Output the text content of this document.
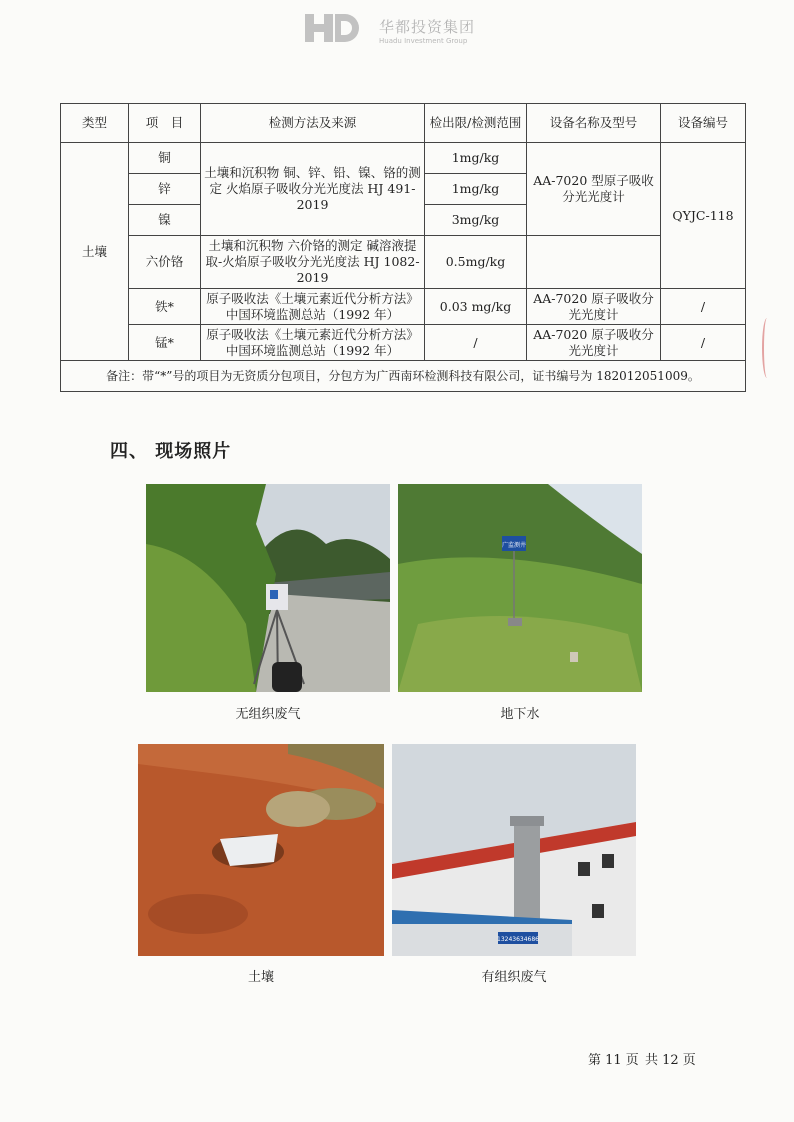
华都投资集团
Huadu Investment Group
类型	项　目	检测方法及来源	检出限/检测范围	设备名称及型号	设备编号
土壤	铜	土壤和沉积物 铜、锌、铅、镍、铬的测定 火焰原子吸收分光光度法 HJ 491-2019	1mg/kg	AA-7020 型原子吸收分光光度计	QYJC-118
	锌		1mg/kg		
	镍		3mg/kg		
	六价铬	土壤和沉积物 六价铬的测定 碱溶液提取-火焰原子吸收分光光度法 HJ 1082-2019	0.5mg/kg		
	铁*	原子吸收法《土壤元素近代分析方法》中国环境监测总站（1992 年）	0.03 mg/kg	AA-7020 原子吸收分光光度计	/
	锰*	原子吸收法《土壤元素近代分析方法》中国环境监测总站（1992 年）	/	AA-7020 原子吸收分光光度计	/
备注：带“*”号的项目为无资质分包项目，分包方为广西南环检测科技有限公司，证书编号为 182012051009。					
四、 现场照片
无组织废气
广监测井
地下水
土壤
13243634686
有组织废气
第 11 页 共 12 页
